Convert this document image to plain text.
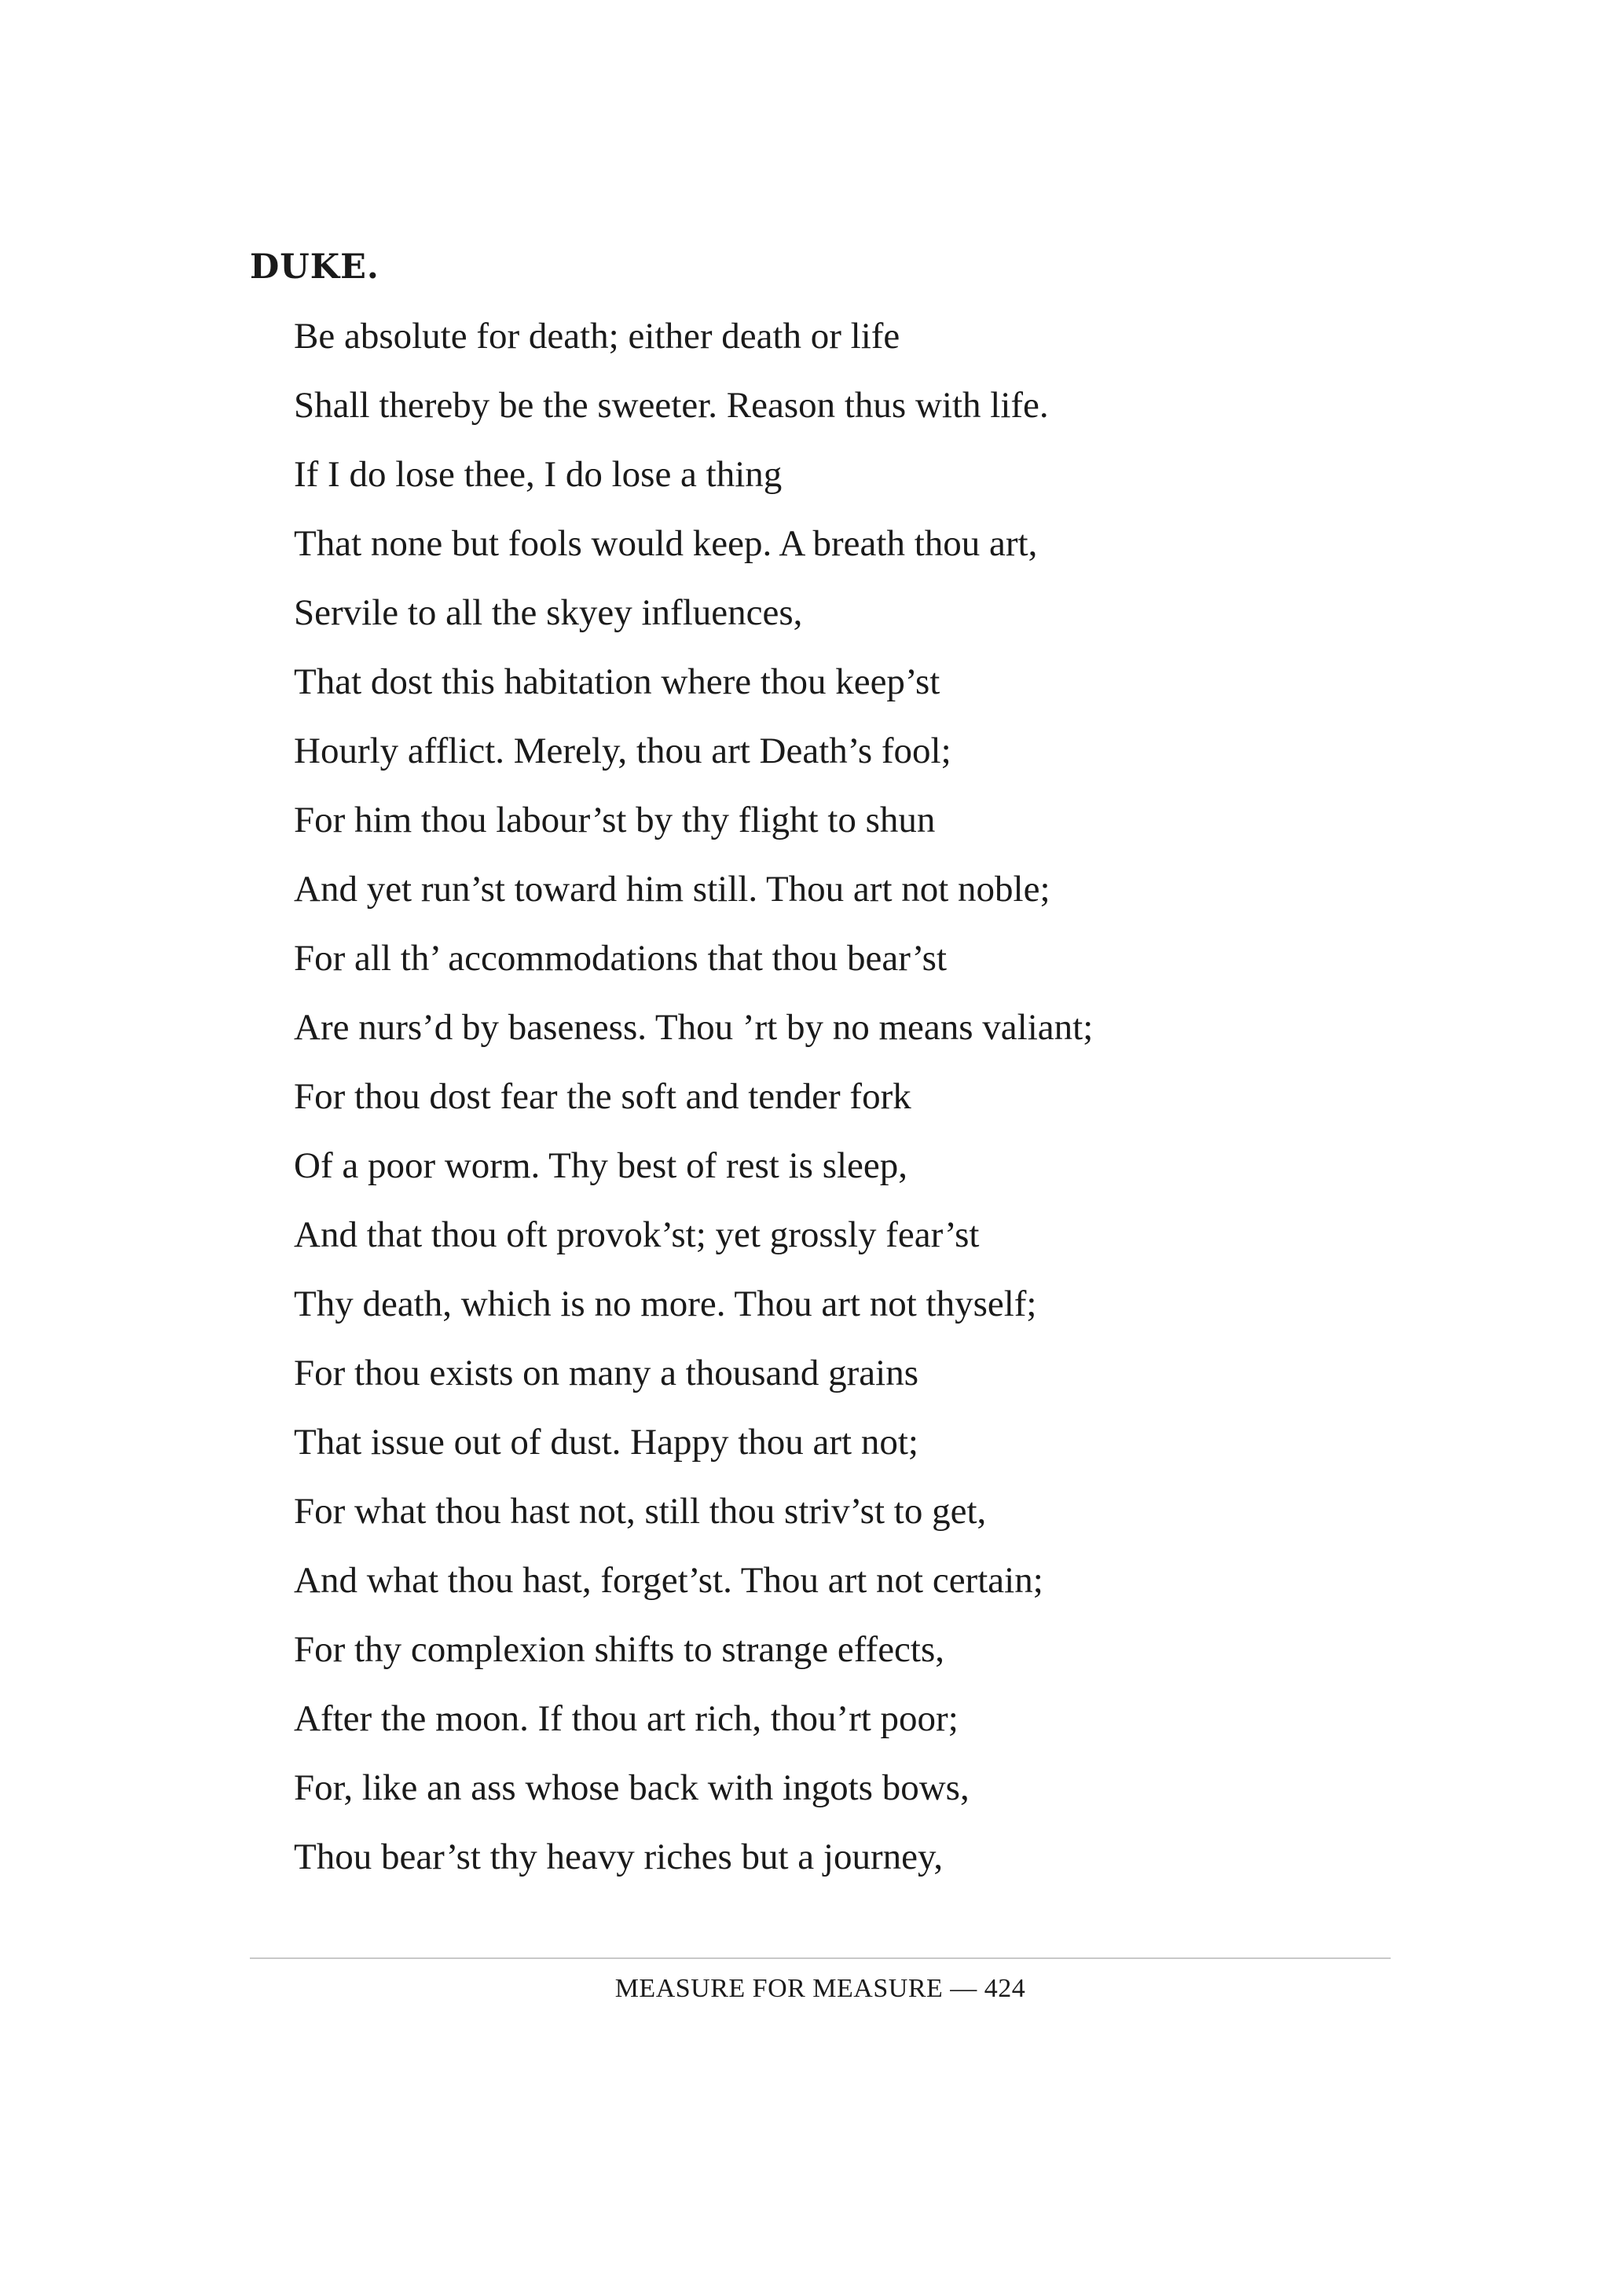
DUKE.
Be absolute for death; either death or life
Shall thereby be the sweeter. Reason thus with life.
If I do lose thee, I do lose a thing
That none but fools would keep. A breath thou art,
Servile to all the skyey influences,
That dost this habitation where thou keep’st
Hourly afflict. Merely, thou art Death’s fool;
For him thou labour’st by thy flight to shun
And yet run’st toward him still. Thou art not noble;
For all th’ accommodations that thou bear’st
Are nurs’d by baseness. Thou ’rt by no means valiant;
For thou dost fear the soft and tender fork
Of a poor worm. Thy best of rest is sleep,
And that thou oft provok’st; yet grossly fear’st
Thy death, which is no more. Thou art not thyself;
For thou exists on many a thousand grains
That issue out of dust. Happy thou art not;
For what thou hast not, still thou striv’st to get,
And what thou hast, forget’st. Thou art not certain;
For thy complexion shifts to strange effects,
After the moon. If thou art rich, thou’rt poor;
For, like an ass whose back with ingots bows,
Thou bear’st thy heavy riches but a journey,
MEASURE FOR MEASURE — 424
